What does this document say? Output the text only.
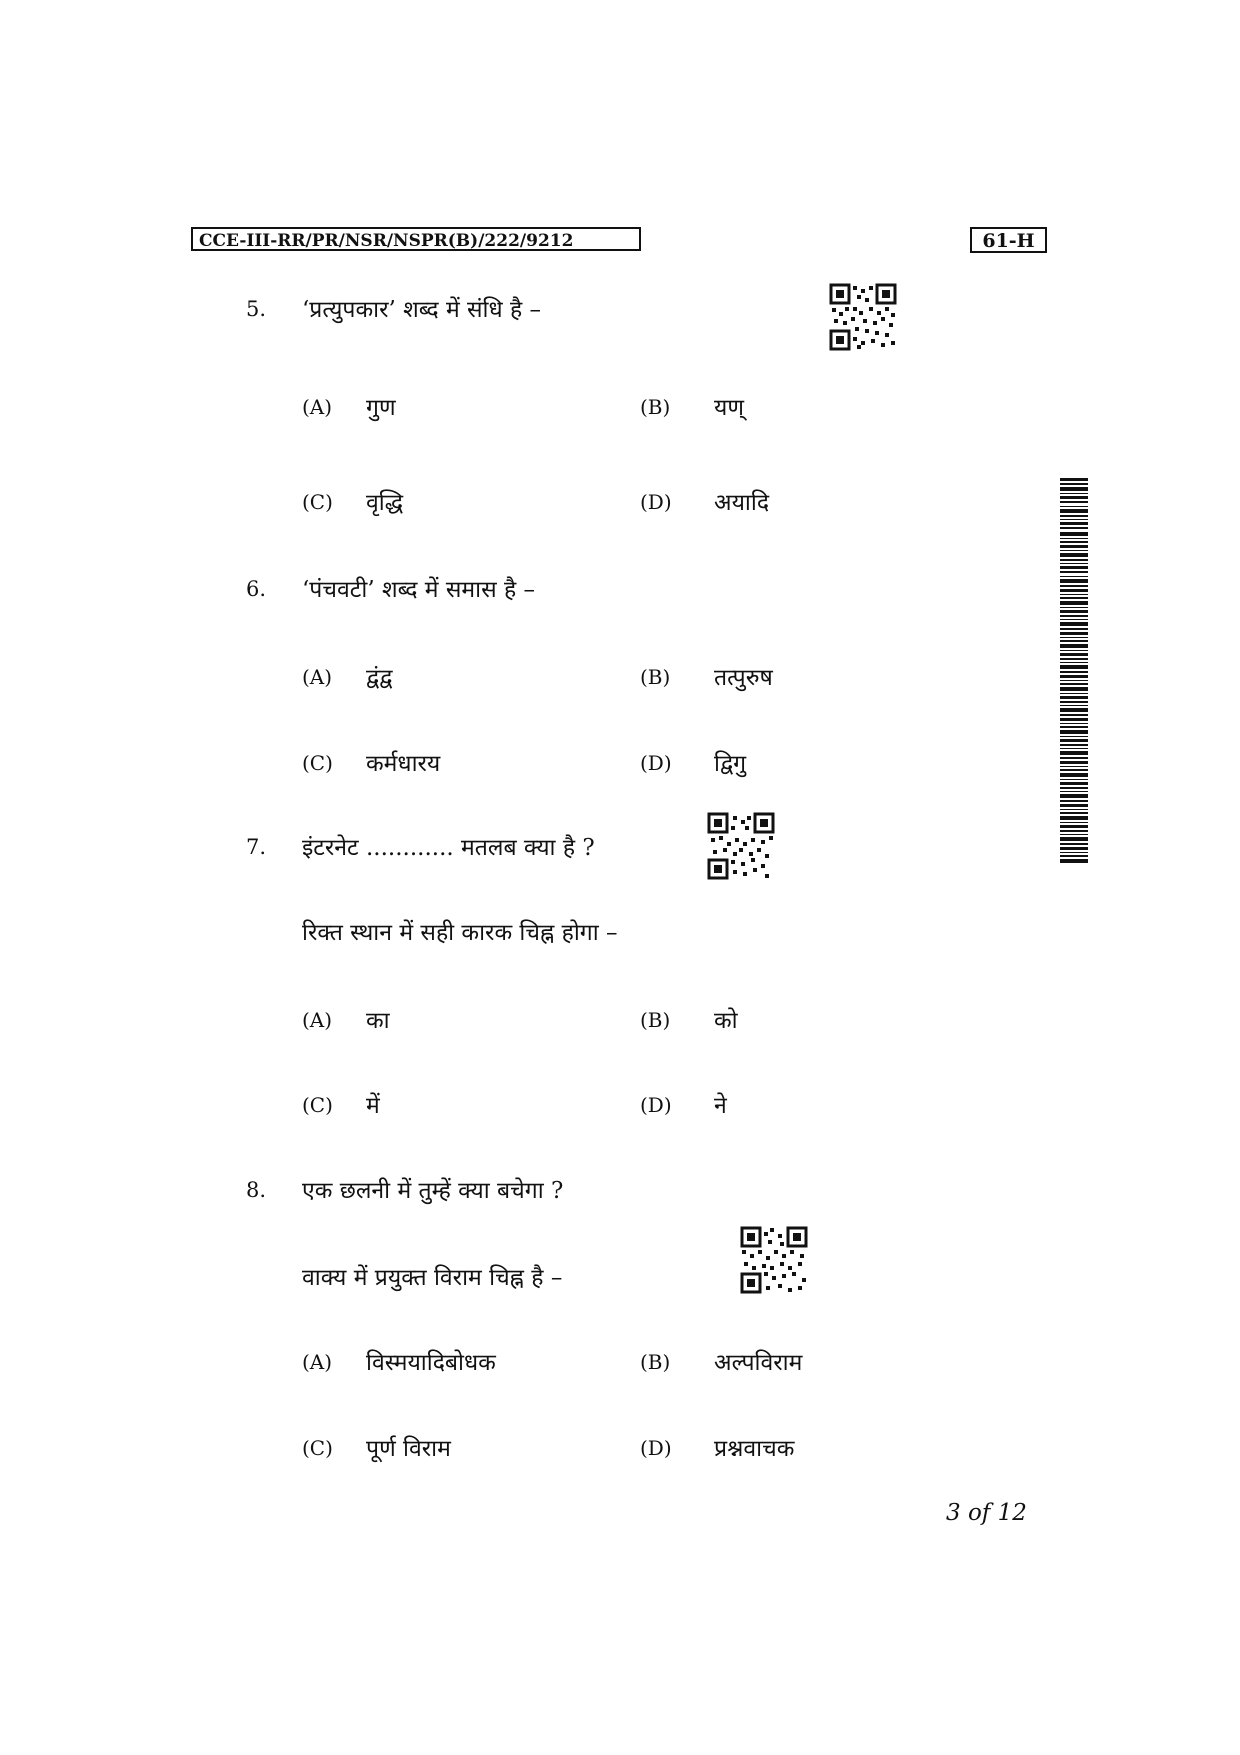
CCE-III-RR/PR/NSR/NSPR(B)/222/9212	61-H
5. ‘प्रत्युपकार’ शब्द में संधि है –
(A) गुण	(B) यण्
(C) वृद्धि	(D) अयादि
6. ‘पंचवटी’ शब्द में समास है –
(A) द्वंद्व	(B) तत्पुरुष
(C) कर्मधारय	(D) द्विगु
7. इंटरनेट ............ मतलब क्या है ?
रिक्त स्थान में सही कारक चिह्न होगा –
(A) का	(B) को
(C) में	(D) ने
8. एक छलनी में तुम्हें क्या बचेगा ?
वाक्य में प्रयुक्त विराम चिह्न है –
(A) विस्मयादिबोधक	(B) अल्पविराम
(C) पूर्ण विराम	(D) प्रश्नवाचक
3 of 12
